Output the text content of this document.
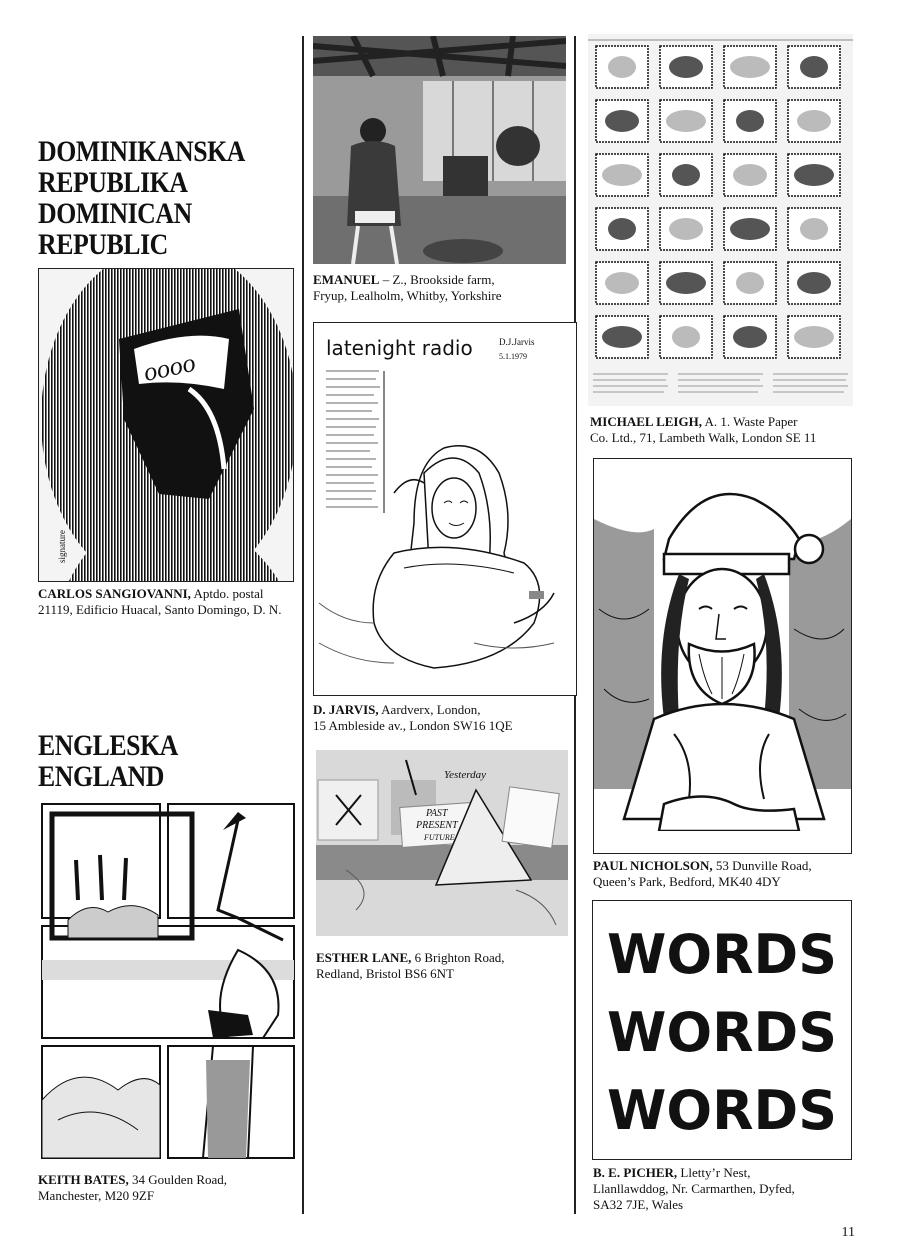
DOMINIKANSKA
REPUBLIKA
DOMINICAN
REPUBLIC
oooo
signature

CARLOS SANGIOVANNI, Aptdo. postal
21119, Edificio Huacal, Santo Domingo, D. N.

ENGLESKA
ENGLAND

KEITH BATES, 34 Goulden Road,
Manchester, M20 9ZF

EMANUEL – Z., Brookside farm,
Fryup, Lealholm, Whitby, Yorkshire

latenight radio	D.J.Jarvis
5.1.1979

D. JARVIS, Aardverx, London,
15 Ambleside av., London SW16 1QE

PAST
PRESENT
FUTURE
Yesterday

ESTHER LANE, 6 Brighton Road,
Redland, Bristol BS6 6NT

MICHAEL LEIGH, A. 1. Waste Paper
Co. Ltd., 71, Lambeth Walk, London SE 11

PAUL NICHOLSON, 53 Dunville Road,
Queen’s Park, Bedford, MK40 4DY

WORDS
WORDS
WORDS

B. E. PICHER, Lletty’r Nest,
Llanllawddog, Nr. Carmarthen, Dyfed,
SA32 7JE, Wales

11
